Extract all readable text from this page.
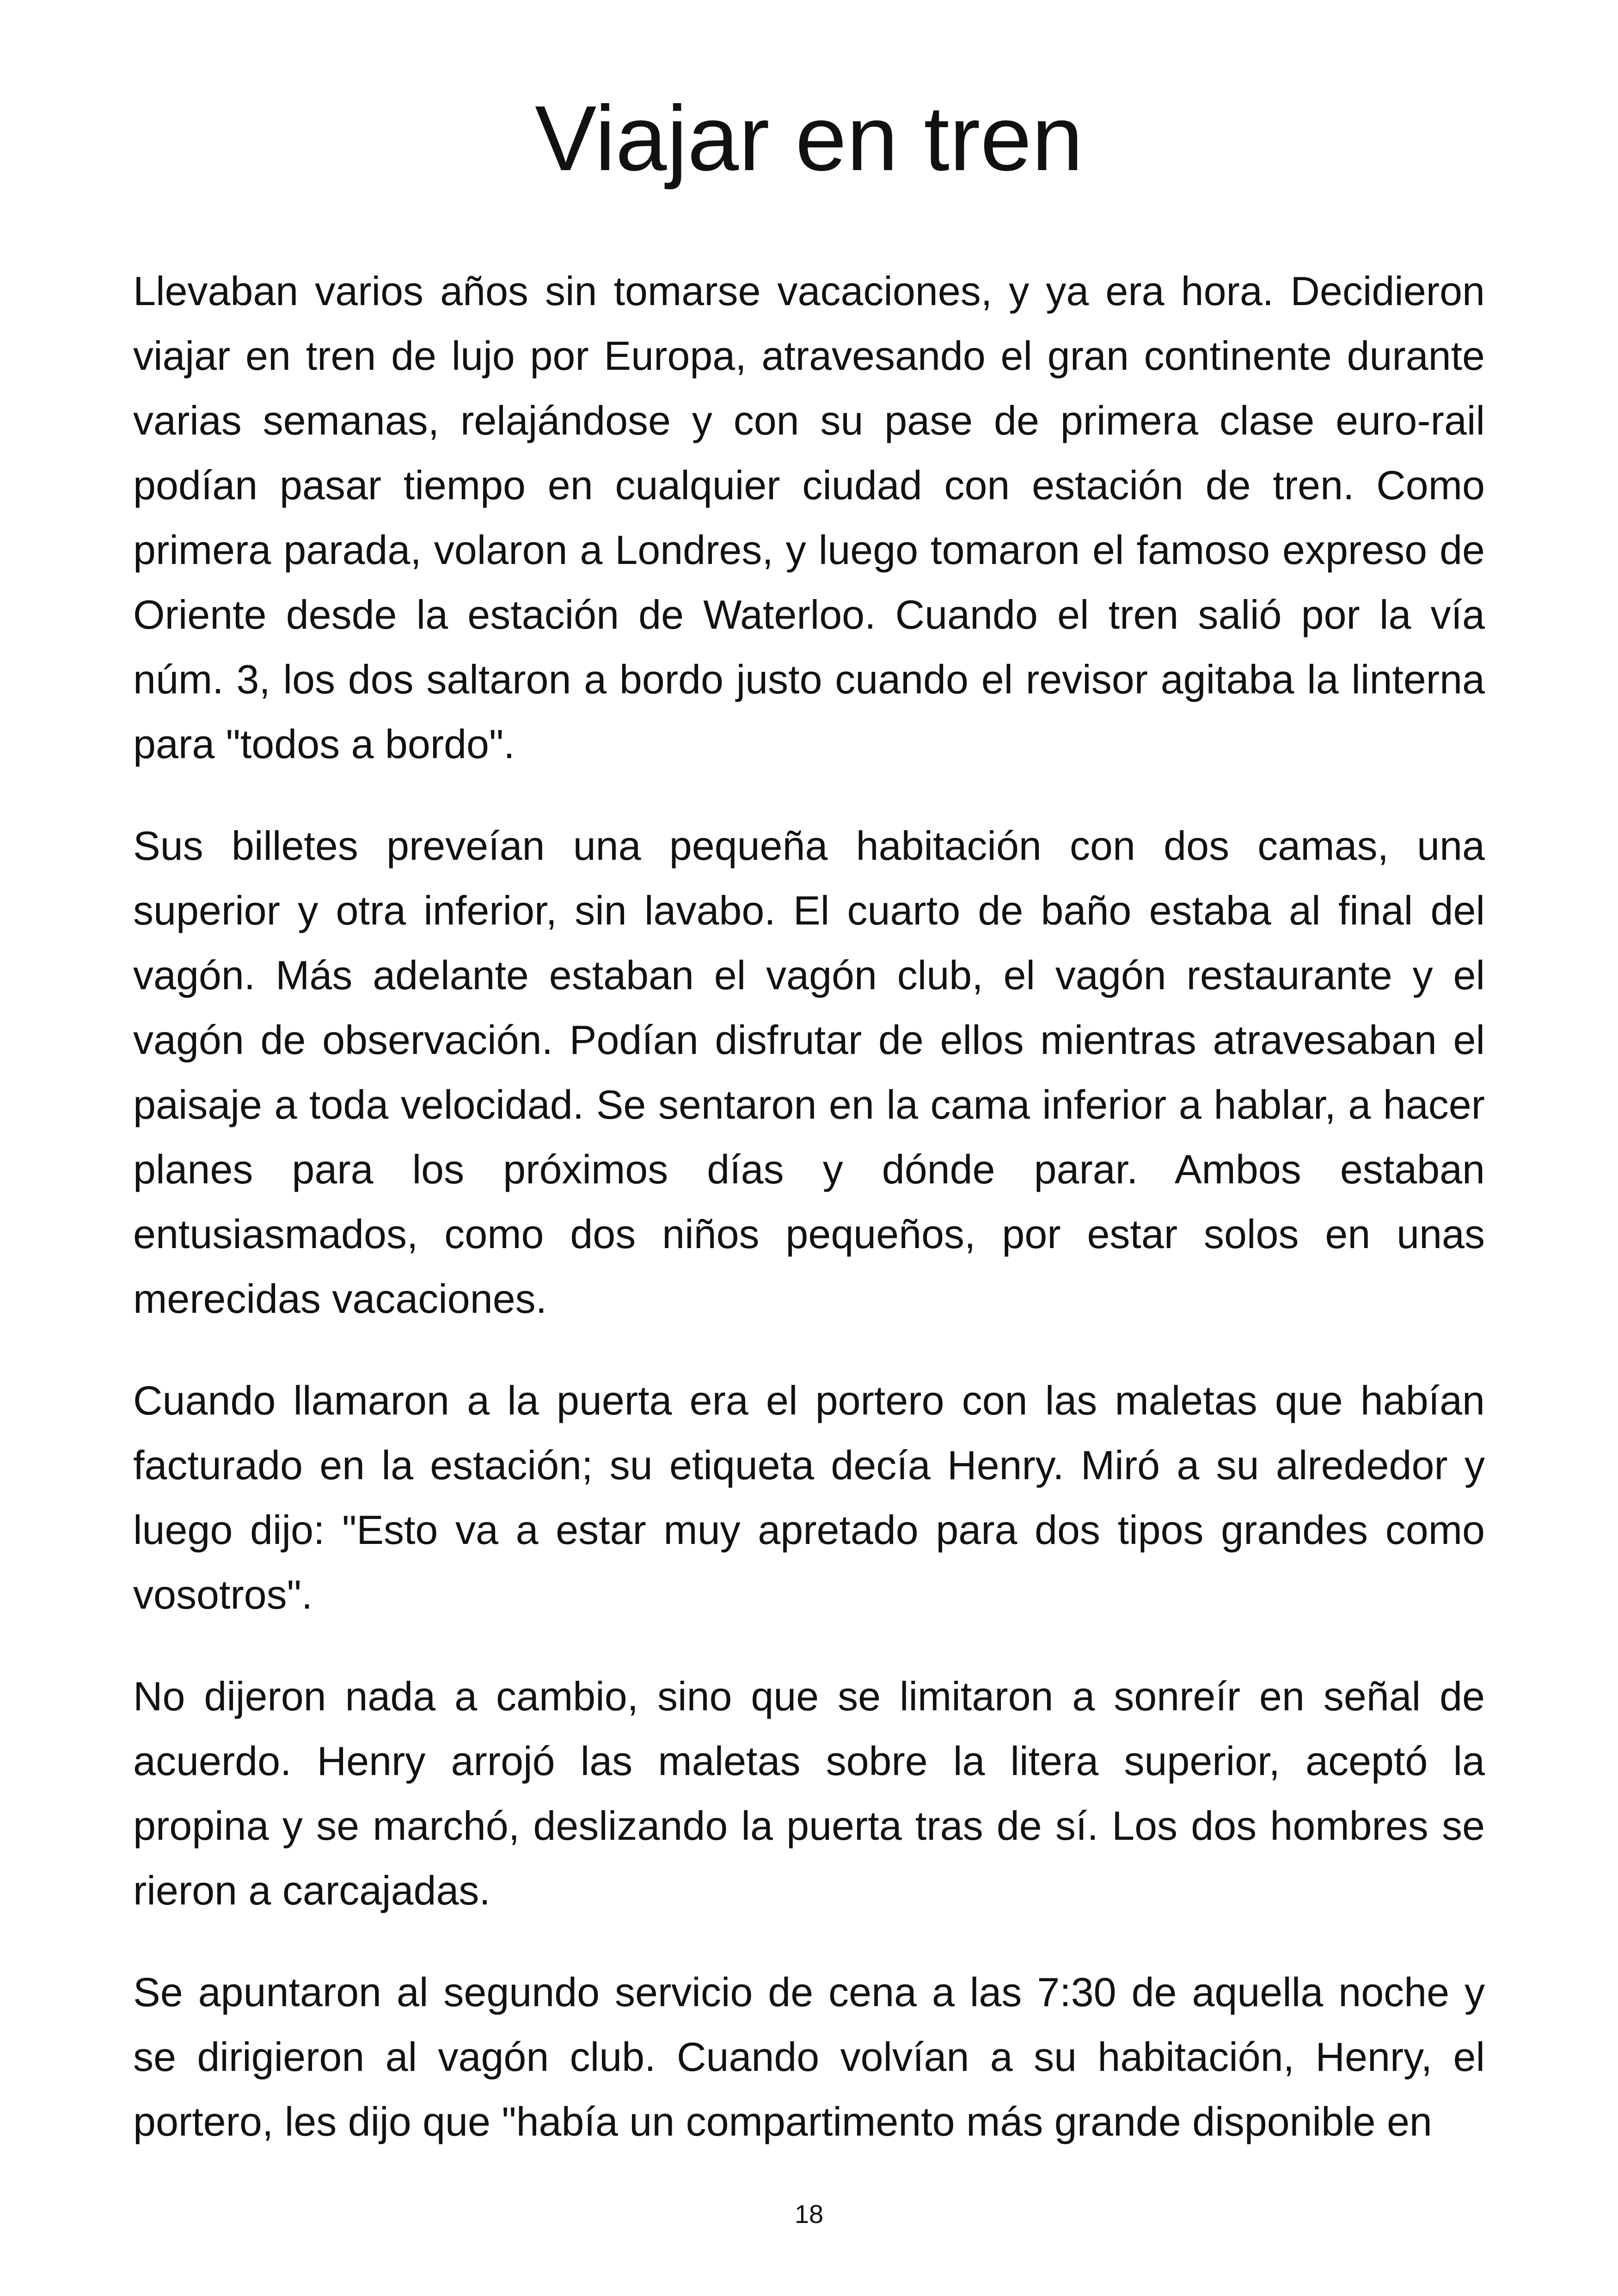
Viajar en tren

Llevaban varios años sin tomarse vacaciones, y ya era hora. Decidieron viajar en tren de lujo por Europa, atravesando el gran continente durante varias semanas, relajándose y con su pase de primera clase euro-rail podían pasar tiempo en cualquier ciudad con estación de tren. Como primera parada, volaron a Londres, y luego tomaron el famoso expreso de Oriente desde la estación de Waterloo. Cuando el tren salió por la vía núm. 3, los dos saltaron a bordo justo cuando el revisor agitaba la linterna para "todos a bordo".

Sus billetes preveían una pequeña habitación con dos camas, una superior y otra inferior, sin lavabo. El cuarto de baño estaba al final del vagón. Más adelante estaban el vagón club, el vagón restaurante y el vagón de observación. Podían disfrutar de ellos mientras atravesaban el paisaje a toda velocidad. Se sentaron en la cama inferior a hablar, a hacer planes para los próximos días y dónde parar. Ambos estaban entusiasmados, como dos niños pequeños, por estar solos en unas merecidas vacaciones.

Cuando llamaron a la puerta era el portero con las maletas que habían facturado en la estación; su etiqueta decía Henry. Miró a su alrededor y luego dijo: "Esto va a estar muy apretado para dos tipos grandes como vosotros".

No dijeron nada a cambio, sino que se limitaron a sonreír en señal de acuerdo. Henry arrojó las maletas sobre la litera superior, aceptó la propina y se marchó, deslizando la puerta tras de sí. Los dos hombres se rieron a carcajadas.

Se apuntaron al segundo servicio de cena a las 7:30 de aquella noche y se dirigieron al vagón club. Cuando volvían a su habitación, Henry, el portero, les dijo que "había un compartimento más grande disponible en

18
